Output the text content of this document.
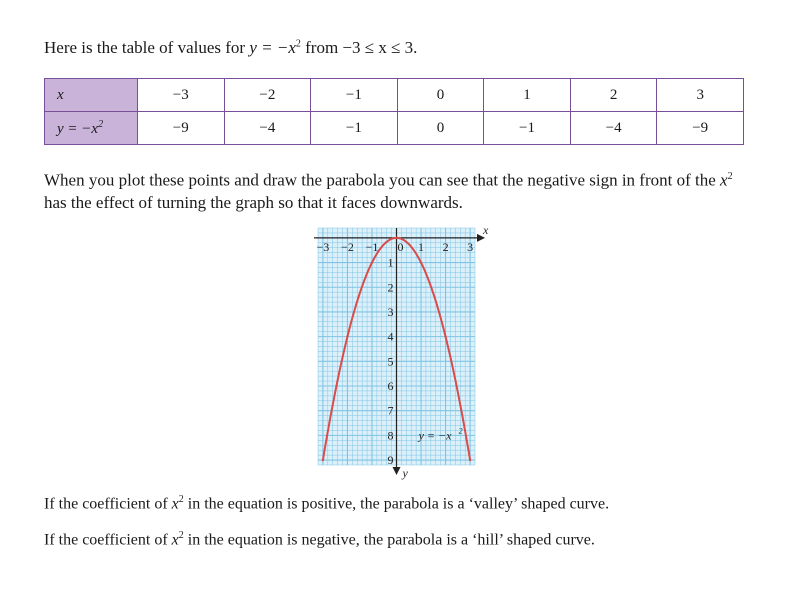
Here is the table of values for $y = -x^2$ from −3 ≤ x ≤ 3.
x	−3	−2	−1	0	1	2	3
$y = -x^2$	−9	−4	−1	0	−1	−4	−9
When you plot these points and draw the parabola you can see that the negative sign in front of the $x^2$ has the effect of turning the graph so that it faces downwards.
−3 −2 −1 0 1 2 3
1
2
3
4
5
6
7
8
9
x
y
y = −x 2
If the coefficient of $x^2$ in the equation is positive, the parabola is a ‘valley’ shaped curve.
If the coefficient of $x^2$ in the equation is negative, the parabola is a ‘hill’ shaped curve.
